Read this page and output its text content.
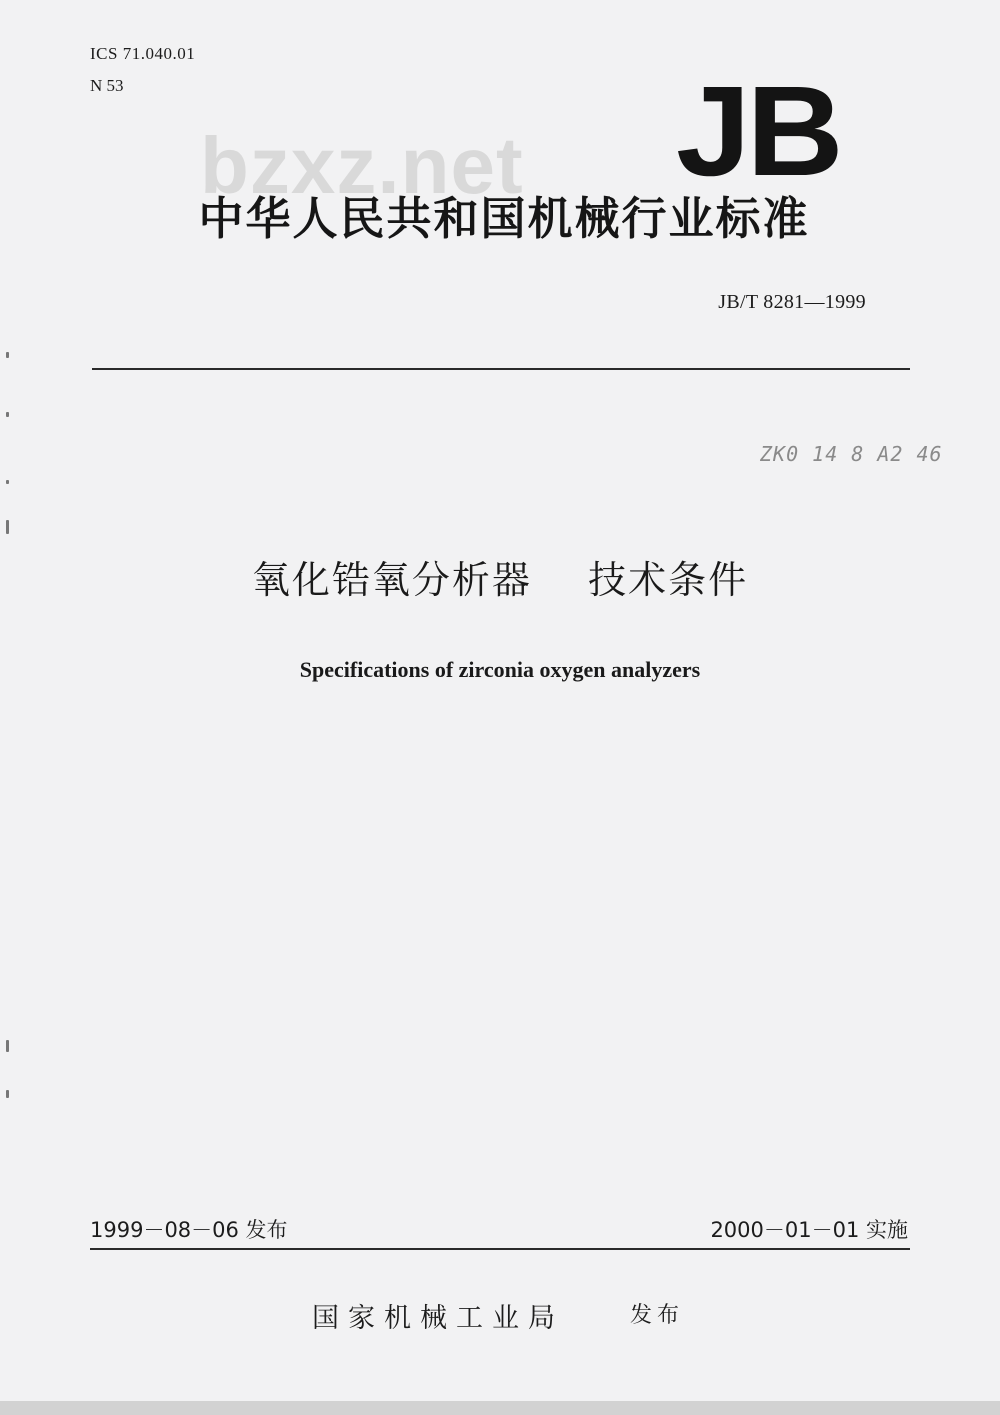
ICS 71.040.01
N 53
bzxz.net JB
中华人民共和国机械行业标准
JB/T 8281—1999
ZK0 14 8 A2 46
氧化锆氧分析器    技术条件
Specifications of zirconia oxygen analyzers
1999－08－06 发布	2000－01－01 实施
国家机械工业局	发布
